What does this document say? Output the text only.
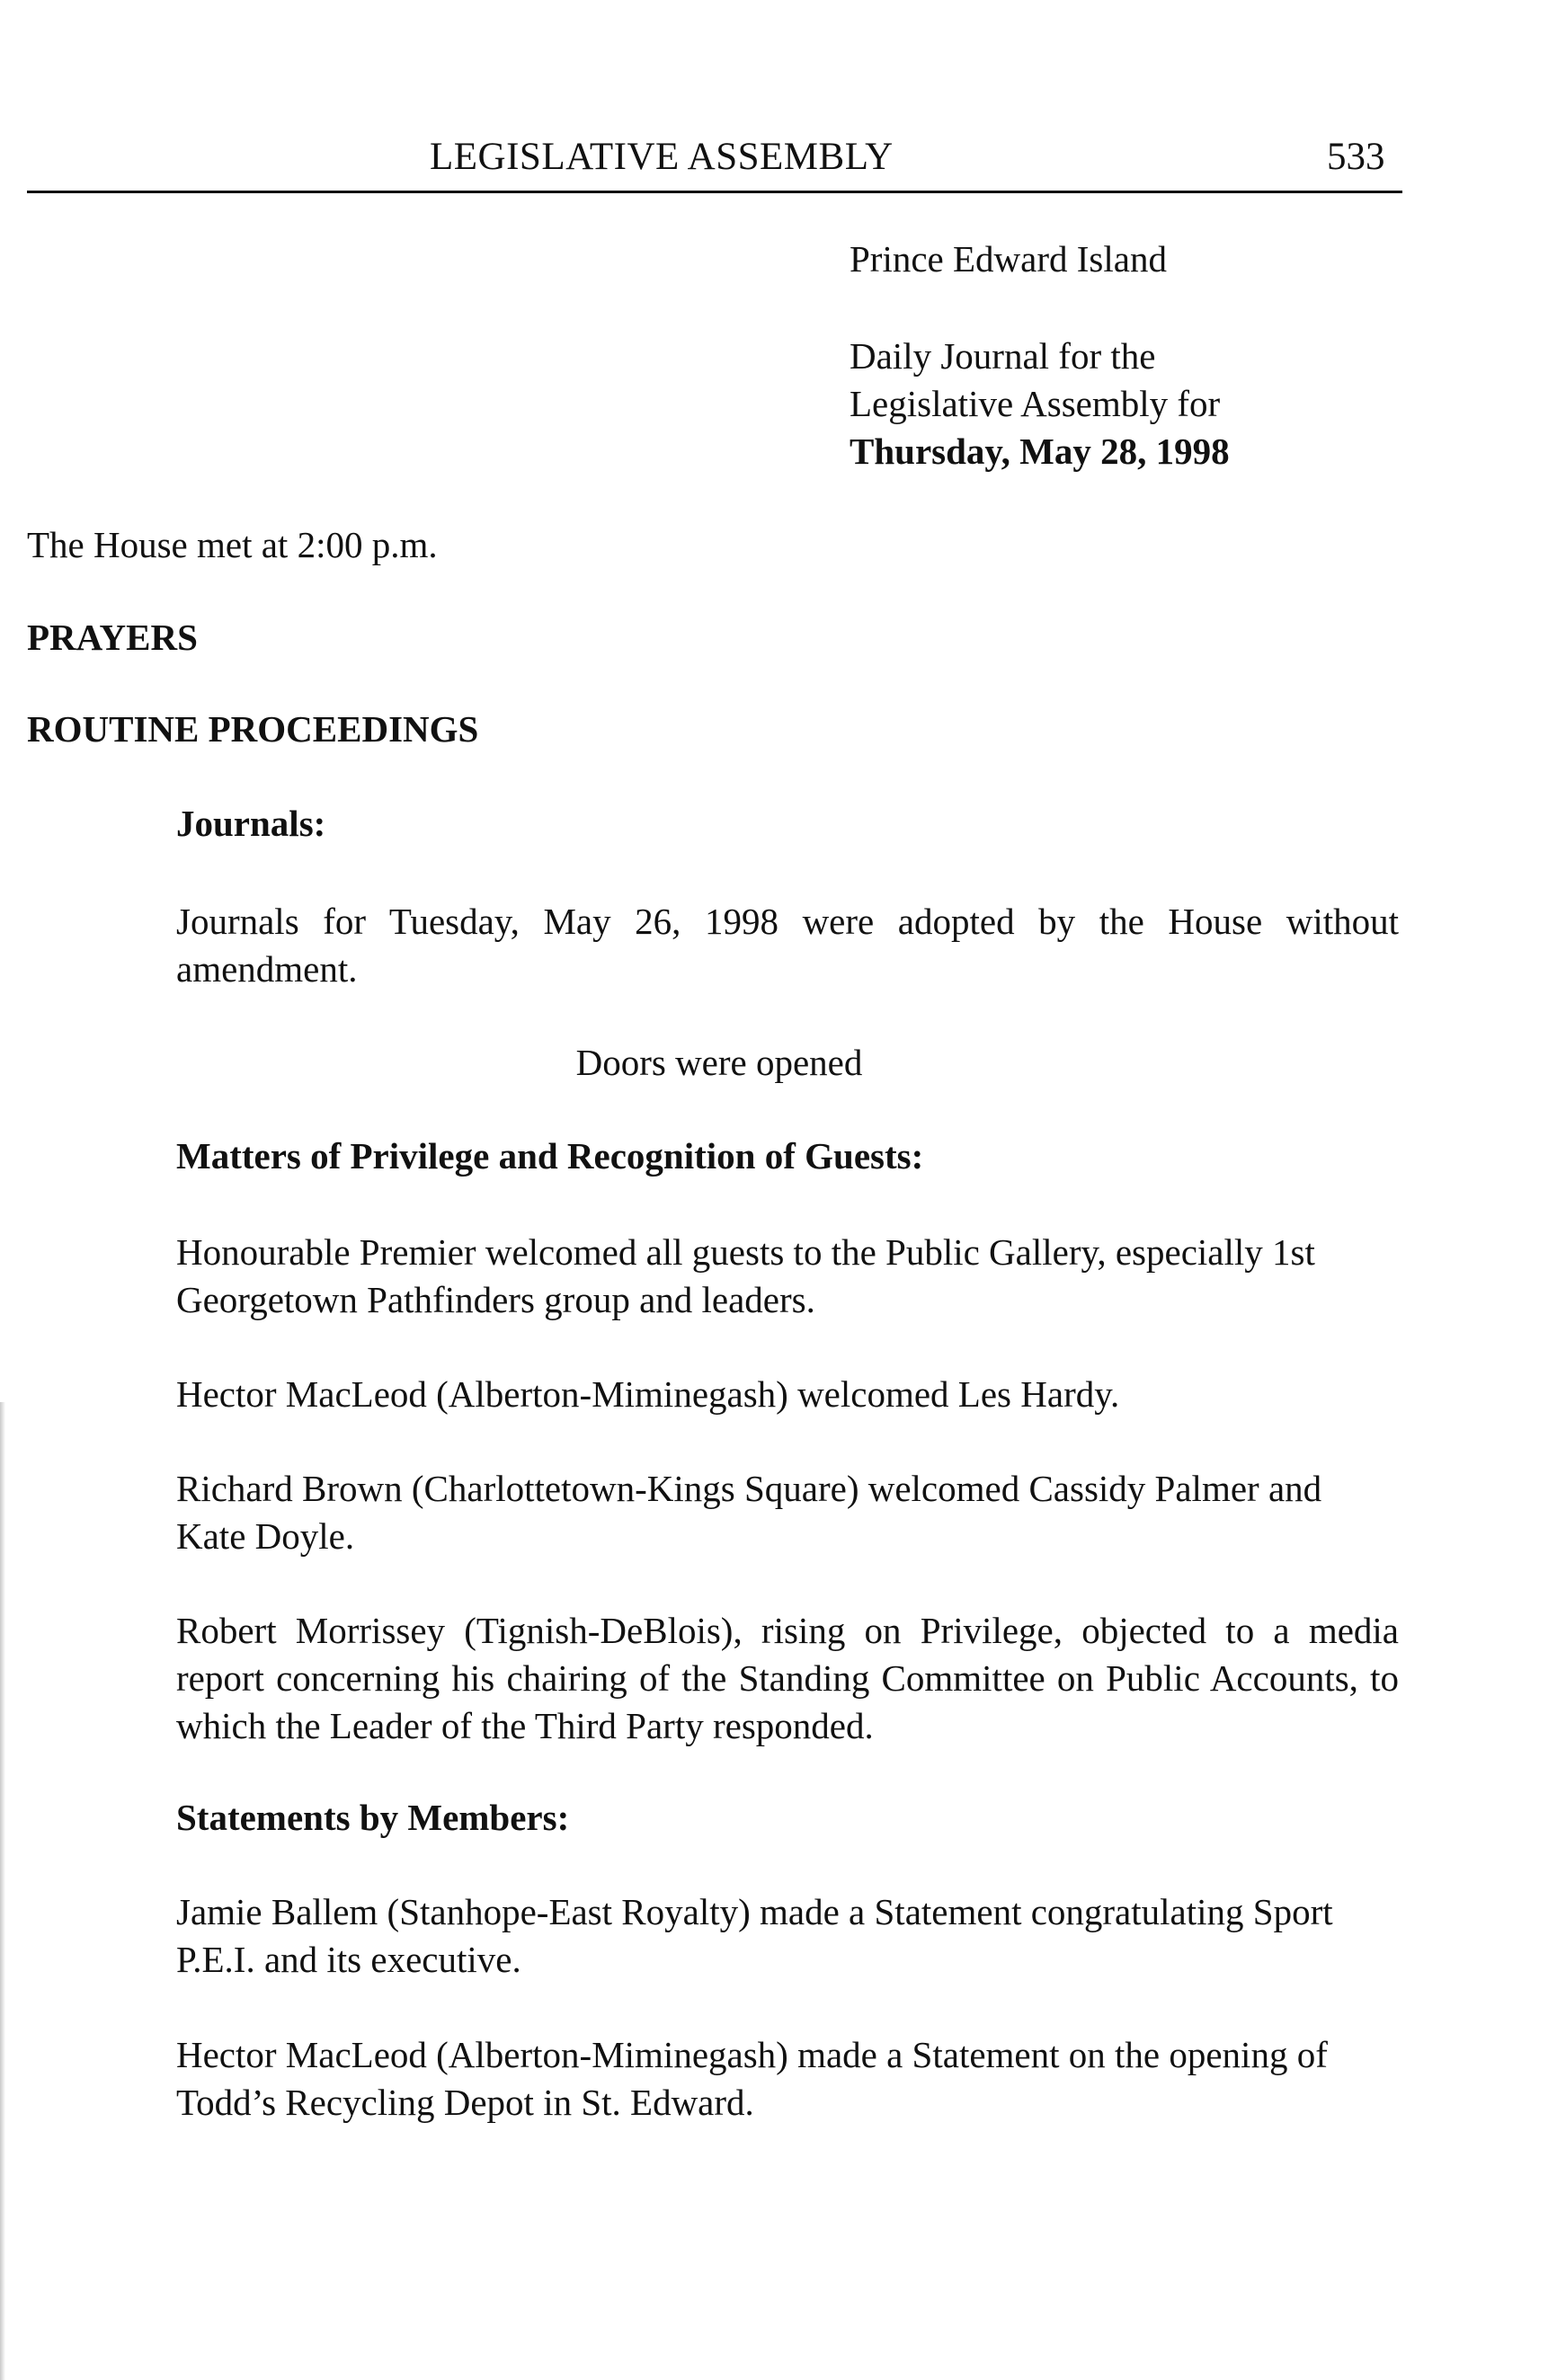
LEGISLATIVE ASSEMBLY	533
Prince Edward Island
Daily Journal for the
Legislative Assembly for
Thursday, May 28, 1998
The House met at 2:00 p.m.
PRAYERS
ROUTINE PROCEEDINGS
Journals:
Journals for Tuesday, May 26, 1998 were adopted by the House without amendment.
Doors were opened
Matters of Privilege and Recognition of Guests:
Honourable Premier welcomed all guests to the Public Gallery, especially 1st Georgetown Pathfinders group and leaders.
Hector MacLeod (Alberton-Miminegash) welcomed Les Hardy.
Richard Brown (Charlottetown-Kings Square) welcomed Cassidy Palmer and Kate Doyle.
Robert Morrissey (Tignish-DeBlois), rising on Privilege, objected to a media report concerning his chairing of the Standing Committee on Public Accounts, to which the Leader of the Third Party responded.
Statements by Members:
Jamie Ballem (Stanhope-East Royalty) made a Statement congratulating Sport P.E.I. and its executive.
Hector MacLeod (Alberton-Miminegash) made a Statement on the opening of Todd’s Recycling Depot in St. Edward.
